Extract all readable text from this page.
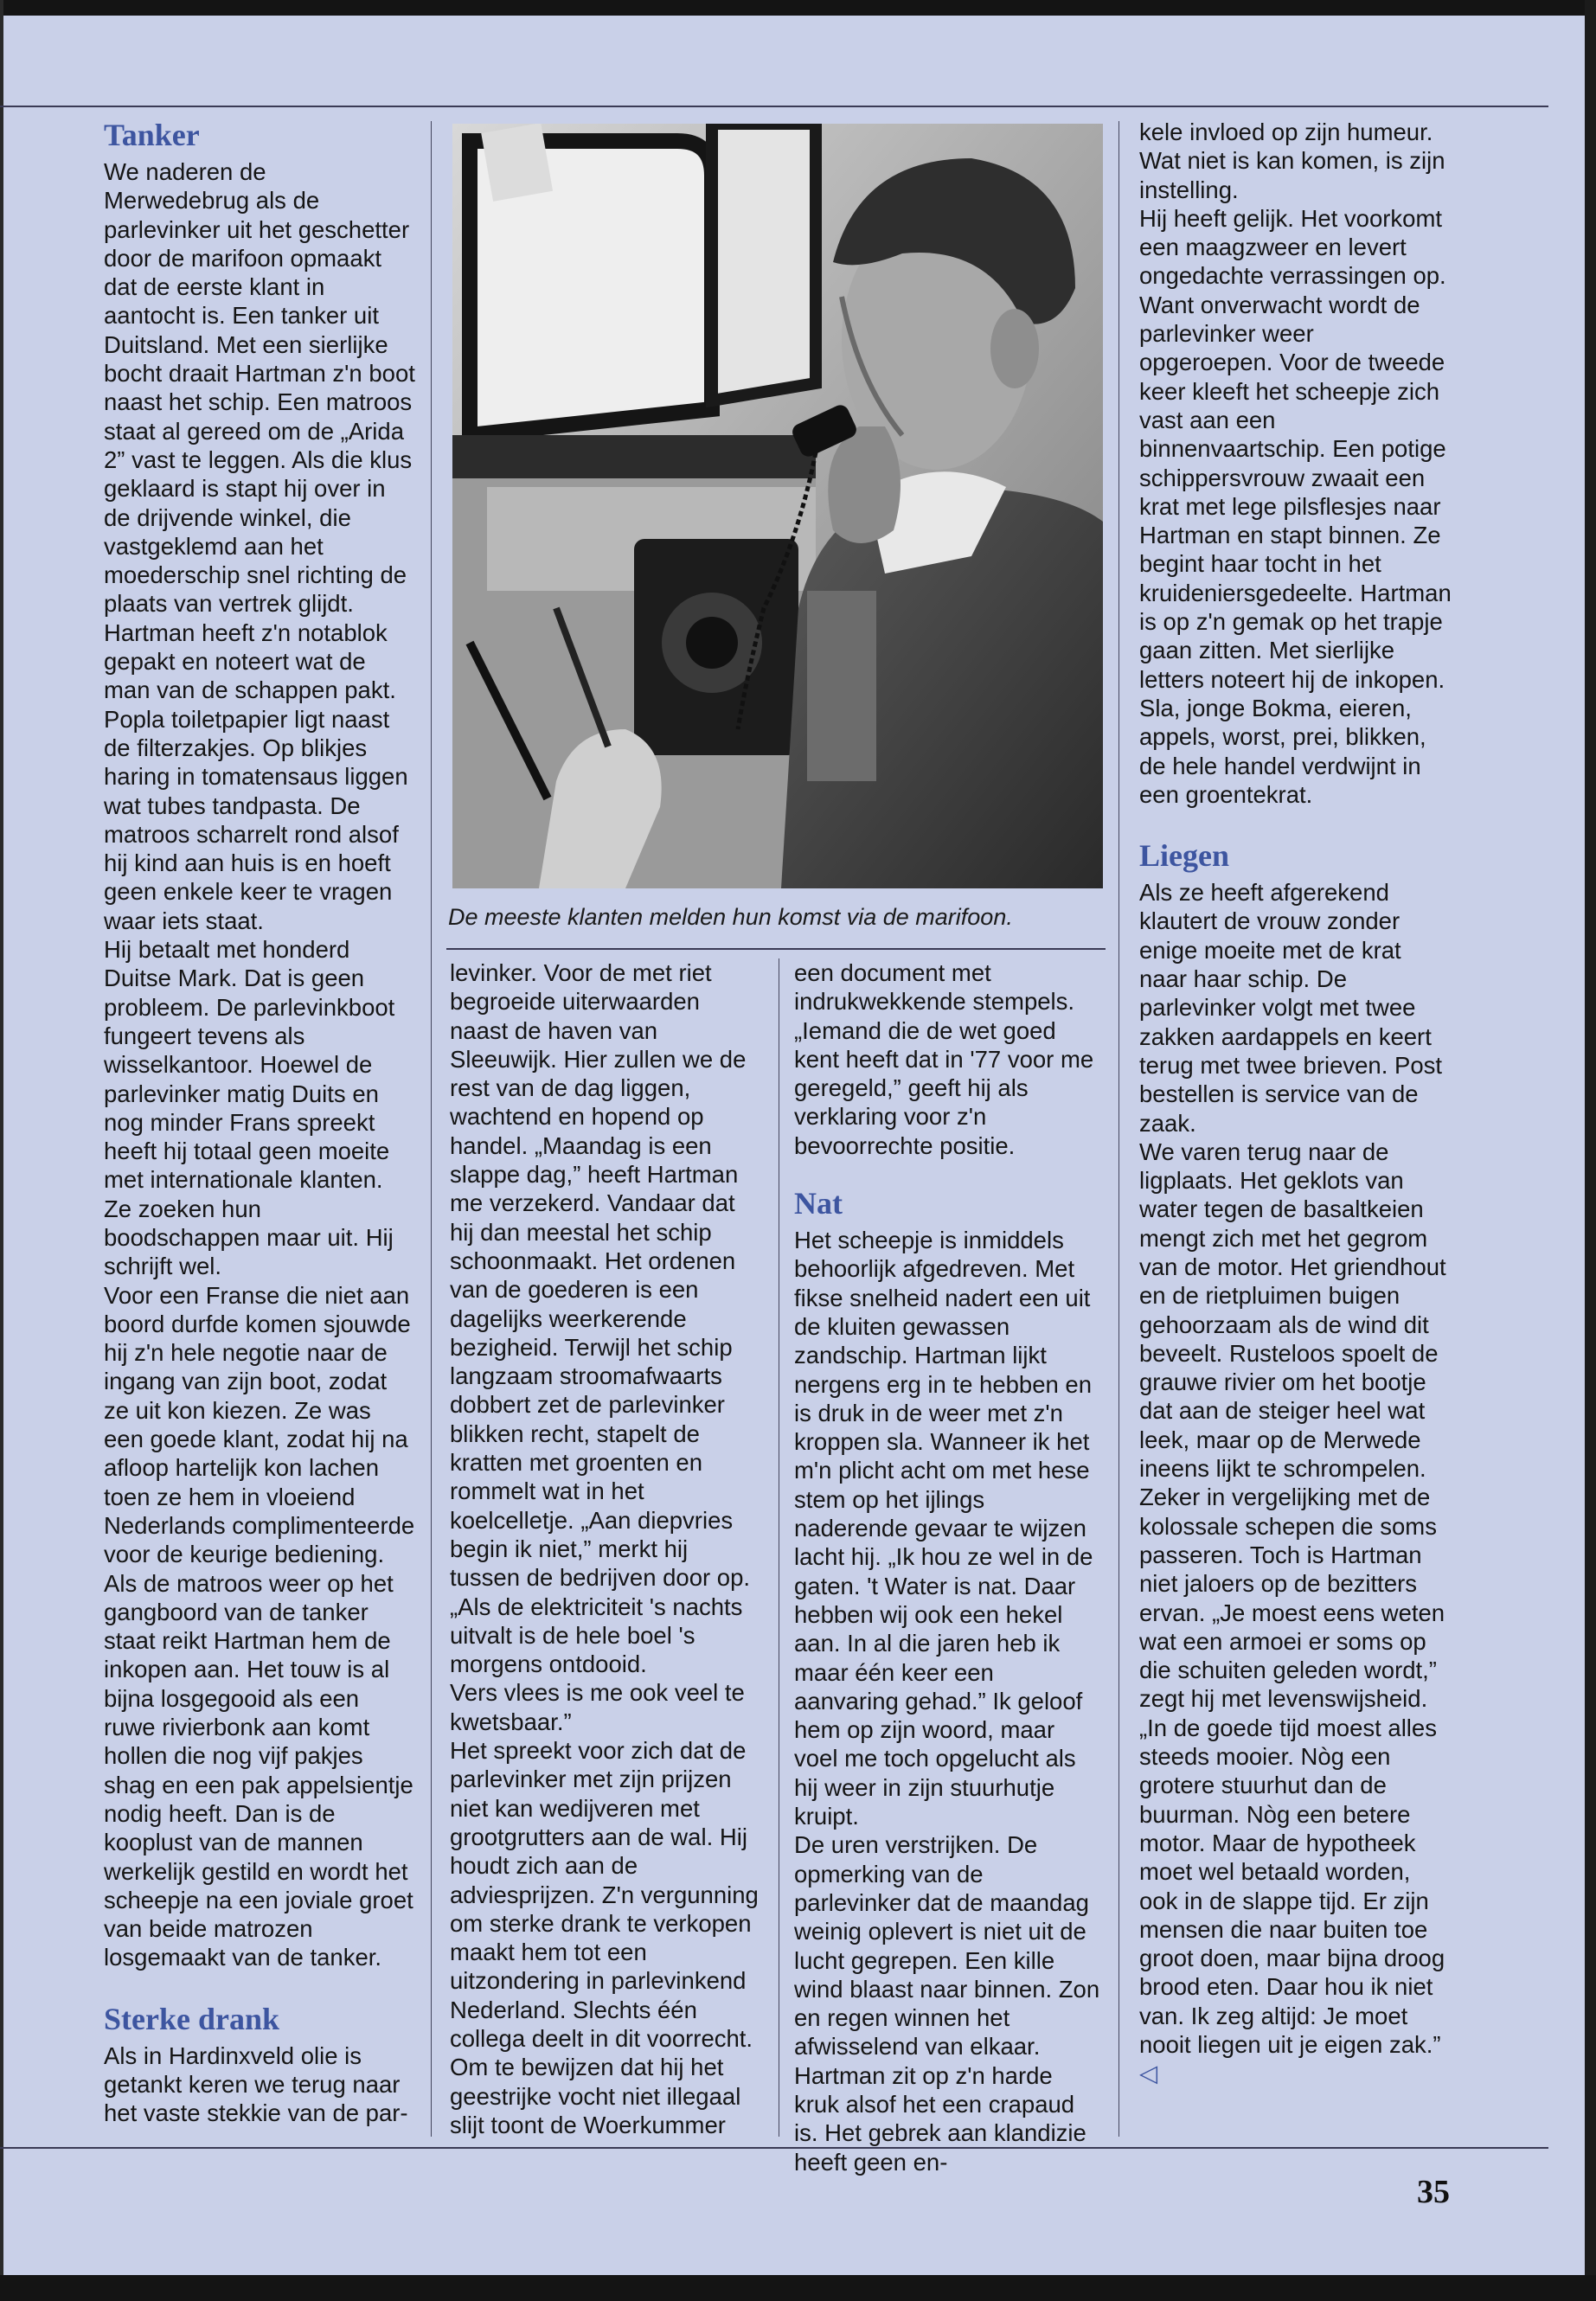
Tanker

We naderen de Merwedebrug als de parlevinker uit het geschetter door de marifoon opmaakt dat de eerste klant in aantocht is. Een tanker uit Duitsland. Met een sierlijke bocht draait Hartman z'n boot naast het schip. Een matroos staat al gereed om de „Arida 2” vast te leggen. Als die klus geklaard is stapt hij over in de drijvende winkel, die vastgeklemd aan het moederschip snel richting de plaats van vertrek glijdt. Hartman heeft z'n notablok gepakt en noteert wat de man van de schappen pakt. Popla toiletpapier ligt naast de filterzakjes. Op blikjes haring in tomatensaus liggen wat tubes tandpasta. De matroos scharrelt rond alsof hij kind aan huis is en hoeft geen enkele keer te vragen waar iets staat.

Hij betaalt met honderd Duitse Mark. Dat is geen probleem. De parlevinkboot fungeert tevens als wisselkantoor. Hoewel de parlevinker matig Duits en nog minder Frans spreekt heeft hij totaal geen moeite met internationale klanten. Ze zoeken hun boodschappen maar uit. Hij schrijft wel.

Voor een Franse die niet aan boord durfde komen sjouwde hij z'n hele negotie naar de ingang van zijn boot, zodat ze uit kon kiezen. Ze was een goede klant, zodat hij na afloop hartelijk kon lachen toen ze hem in vloeiend Nederlands complimenteerde voor de keurige bediening.

Als de matroos weer op het gangboord van de tanker staat reikt Hartman hem de inkopen aan. Het touw is al bijna losgegooid als een ruwe rivierbonk aan komt hollen die nog vijf pakjes shag en een pak appelsientje nodig heeft. Dan is de kooplust van de mannen werkelijk gestild en wordt het scheepje na een joviale groet van beide matrozen losgemaakt van de tanker.

Sterke drank

Als in Hardinxveld olie is getankt keren we terug naar het vaste stekkie van de par-

De meeste klanten melden hun komst via de marifoon.

levinker. Voor de met riet begroeide uiterwaarden naast de haven van Sleeuwijk. Hier zullen we de rest van de dag liggen, wachtend en hopend op handel. „Maandag is een slappe dag,” heeft Hartman me verzekerd. Vandaar dat hij dan meestal het schip schoonmaakt. Het ordenen van de goederen is een dagelijks weerkerende bezigheid. Terwijl het schip langzaam stroomafwaarts dobbert zet de parlevinker blikken recht, stapelt de kratten met groenten en rommelt wat in het koelcelletje. „Aan diepvries begin ik niet,” merkt hij tussen de bedrijven door op. „Als de elektriciteit 's nachts uitvalt is de hele boel 's morgens ontdooid.

Vers vlees is me ook veel te kwetsbaar.”

Het spreekt voor zich dat de parlevinker met zijn prijzen niet kan wedijveren met grootgrutters aan de wal. Hij houdt zich aan de adviesprijzen. Z'n vergunning om sterke drank te verkopen maakt hem tot een uitzondering in parlevinkend Nederland. Slechts één collega deelt in dit voorrecht. Om te bewijzen dat hij het geestrijke vocht niet illegaal slijt toont de Woerkummer

een document met indrukwekkende stempels. „Iemand die de wet goed kent heeft dat in '77 voor me geregeld,” geeft hij als verklaring voor z'n bevoorrechte positie.

Nat

Het scheepje is inmiddels behoorlijk afgedreven. Met fikse snelheid nadert een uit de kluiten gewassen zandschip. Hartman lijkt nergens erg in te hebben en is druk in de weer met z'n kroppen sla. Wanneer ik het m'n plicht acht om met hese stem op het ijlings naderende gevaar te wijzen lacht hij. „Ik hou ze wel in de gaten. 't Water is nat. Daar hebben wij ook een hekel aan. In al die jaren heb ik maar één keer een aanvaring gehad.” Ik geloof hem op zijn woord, maar voel me toch opgelucht als hij weer in zijn stuurhutje kruipt.

De uren verstrijken. De opmerking van de parlevinker dat de maandag weinig oplevert is niet uit de lucht gegrepen. Een kille wind blaast naar binnen. Zon en regen winnen het afwisselend van elkaar. Hartman zit op z'n harde kruk alsof het een crapaud is. Het gebrek aan klandizie heeft geen en-

kele invloed op zijn humeur. Wat niet is kan komen, is zijn instelling.

Hij heeft gelijk. Het voorkomt een maagzweer en levert ongedachte verrassingen op. Want onverwacht wordt de parlevinker weer opgeroepen. Voor de tweede keer kleeft het scheepje zich vast aan een binnenvaartschip. Een potige schippersvrouw zwaait een krat met lege pilsflesjes naar Hartman en stapt binnen. Ze begint haar tocht in het kruideniersgedeelte. Hartman is op z'n gemak op het trapje gaan zitten. Met sierlijke letters noteert hij de inkopen. Sla, jonge Bokma, eieren, appels, worst, prei, blikken, de hele handel verdwijnt in een groentekrat.

Liegen

Als ze heeft afgerekend klautert de vrouw zonder enige moeite met de krat naar haar schip. De parlevinker volgt met twee zakken aardappels en keert terug met twee brieven. Post bestellen is service van de zaak.

We varen terug naar de ligplaats. Het geklots van water tegen de basaltkeien mengt zich met het gegrom van de motor. Het griendhout en de rietpluimen buigen gehoorzaam als de wind dit beveelt. Rusteloos spoelt de grauwe rivier om het bootje dat aan de steiger heel wat leek, maar op de Merwede ineens lijkt te schrompelen. Zeker in vergelijking met de kolossale schepen die soms passeren. Toch is Hartman niet jaloers op de bezitters ervan. „Je moest eens weten wat een armoei er soms op die schuiten geleden wordt,” zegt hij met levenswijsheid. „In de goede tijd moest alles steeds mooier. Nòg een grotere stuurhut dan de buurman. Nòg een betere motor. Maar de hypotheek moet wel betaald worden, ook in de slappe tijd. Er zijn mensen die naar buiten toe groot doen, maar bijna droog brood eten. Daar hou ik niet van. Ik zeg altijd: Je moet nooit liegen uit je eigen zak.” ◁

35
